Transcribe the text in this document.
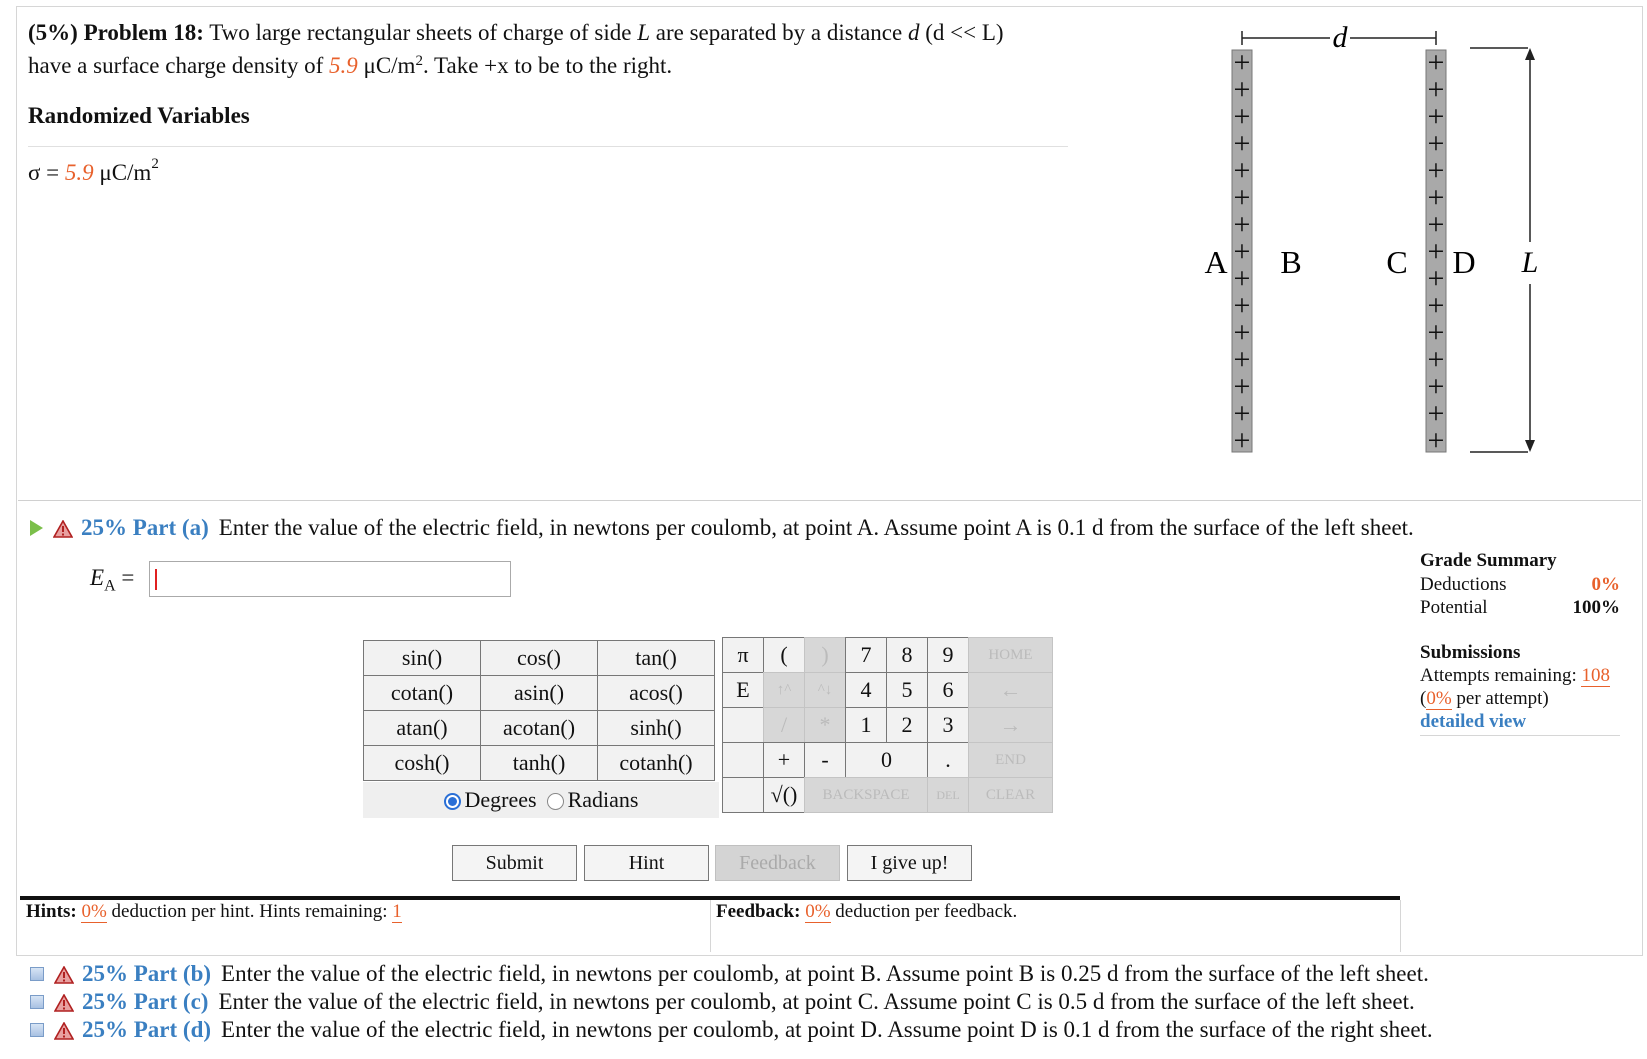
(5%) Problem 18: Two large rectangular sheets of charge of side L are separated by a distance d (d << L)
have a surface charge density of 5.9 $\mu C/m^2$. Take +x to be to the right.
Randomized Variables
σ = 5.9 $\mu C/m^2$
+
+
+
+
+
+
+
+
+
+
+
+
+
+
+
+
+
+
+
+
+
+
+
+
+
+
+
+
+
+
d
L
A B	C D
25% Part (a) Enter the value of the electric field, in newtons per coulomb, at point A. Assume point A is 0.1 d from the surface of the left sheet.
$E_A$ =
Grade Summary
Deductions	0%
Potential	100%
Submissions
Attempts remaining: 108
(0% per attempt)
detailed view
sin()	cos()	tan()
cotan()	asin()	acos()
atan()	acotan()	sinh()
cosh()	tanh()	cotanh()
Degrees	Radians
π	(	)	7	8	9	HOME
E	↑^	^↓	4	5	6	←
/	*	1	2	3	→
+	-	0	.	END
√()	BACKSPACE	DEL	CLEAR
Submit	Hint	Feedback	I give up!
Hints: 0% deduction per hint. Hints remaining: 1	Feedback: 0% deduction per feedback.
25% Part (b) Enter the value of the electric field, in newtons per coulomb, at point B. Assume point B is 0.25 d from the surface of the left sheet.
25% Part (c) Enter the value of the electric field, in newtons per coulomb, at point C. Assume point C is 0.5 d from the surface of the left sheet.
25% Part (d) Enter the value of the electric field, in newtons per coulomb, at point D. Assume point D is 0.1 d from the surface of the right sheet.
